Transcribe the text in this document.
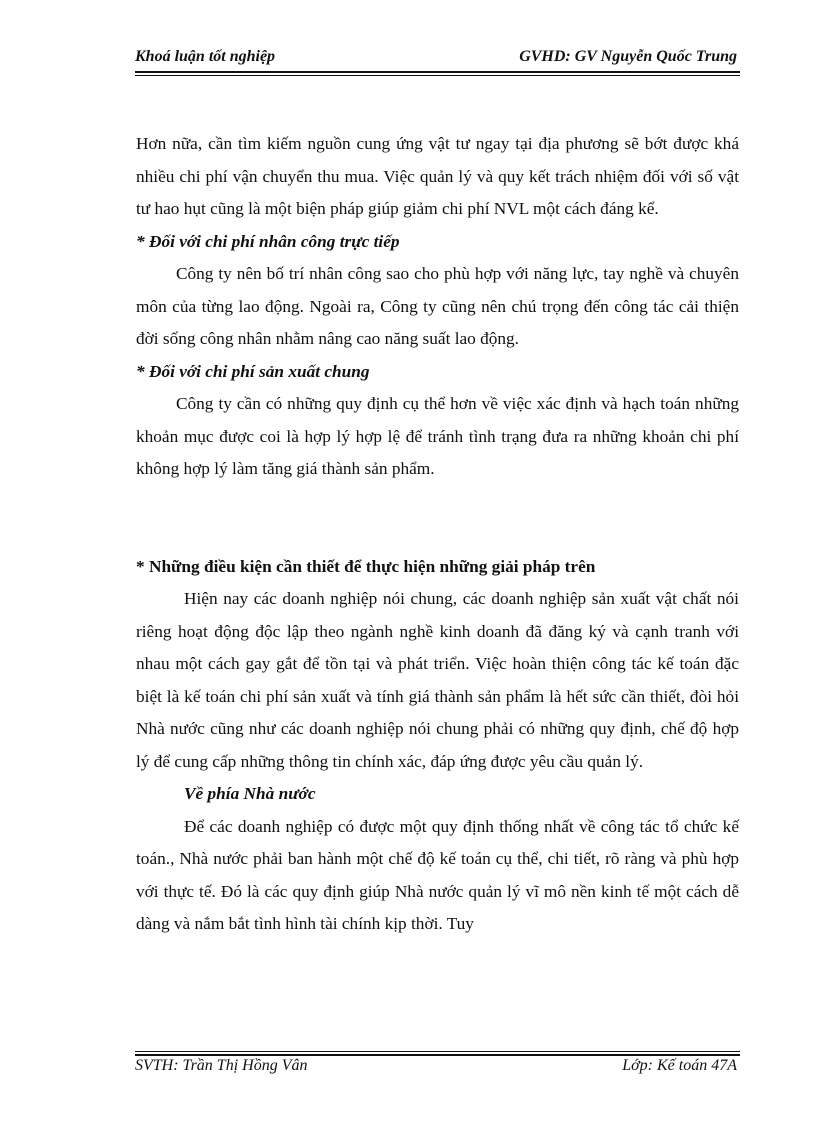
Khoá luận tốt nghiệp	GVHD: GV Nguyễn Quốc Trung

Hơn nữa, cần tìm kiếm nguồn cung ứng vật tư ngay tại địa phương sẽ bớt được khá nhiều chi phí vận chuyển thu mua. Việc quản lý và quy kết trách nhiệm đối với số vật tư hao hụt cũng là một biện pháp giúp giảm chi phí NVL một cách đáng kể.

* Đối với chi phí nhân công trực tiếp

Công ty nên bố trí nhân công sao cho phù hợp với năng lực, tay nghề và chuyên môn của từng lao động. Ngoài ra, Công ty cũng nên chú trọng đến công tác cải thiện đời sống công nhân nhằm nâng cao năng suất lao động.

* Đối với chi phí sản xuất chung

Công ty cần có những quy định cụ thể hơn về việc xác định và hạch toán những khoản mục được coi là hợp lý hợp lệ để tránh tình trạng đưa ra những khoản chi phí không hợp lý làm tăng giá thành sản phẩm.

* Những điều kiện cần thiết để thực hiện những giải pháp trên

Hiện nay các doanh nghiệp nói chung, các doanh nghiệp sản xuất vật chất nói riêng hoạt động độc lập theo ngành nghề kinh doanh đã đăng ký và cạnh tranh với nhau một cách gay gắt để tồn tại và phát triển. Việc hoàn thiện công tác kế toán đặc biệt là kế toán chi phí sản xuất và tính giá thành sản phẩm là hết sức cần thiết, đòi hỏi Nhà nước cũng như các doanh nghiệp nói chung phải có những quy định, chế độ hợp lý để cung cấp những thông tin chính xác, đáp ứng được yêu cầu quản lý.

Về phía Nhà nước

Để các doanh nghiệp có được một quy định thống nhất về công tác tổ chức kế toán., Nhà nước phải ban hành một chế độ kế toán cụ thể, chi tiết, rõ ràng và phù hợp với thực tế. Đó là các quy định giúp Nhà nước quản lý vĩ mô nền kinh tế một cách dễ dàng và nắm bắt tình hình tài chính kịp thời. Tuy

SVTH: Trần Thị Hồng Vân	Lớp: Kế toán 47A
